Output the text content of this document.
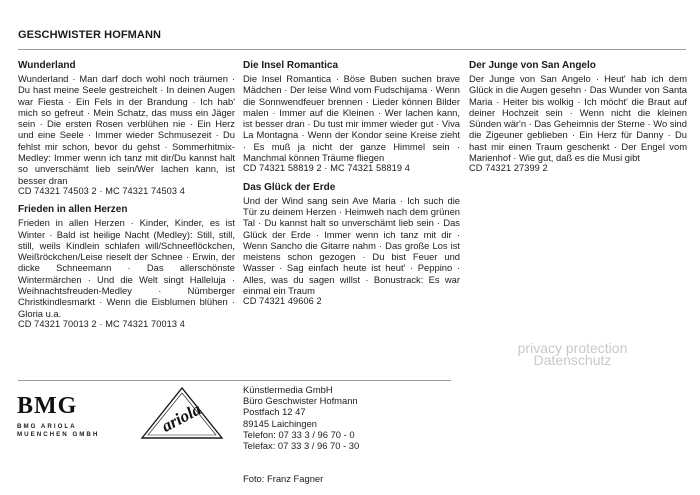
GESCHWISTER HOFMANN
Wunderland
Wunderland · Man darf doch wohl noch träumen · Du hast meine Seele gestreichelt · In deinen Augen war Fiesta · Ein Fels in der Brandung · Ich hab' mich so gefreut · Mein Schatz, das muss ein Jäger sein · Die ersten Rosen verblühen nie · Ein Herz und eine Seele · Immer wieder Schmusezeit · Du fehlst mir schon, bevor du gehst · Sommerhitmix-Medley: Immer wenn ich tanz mit dir/Du kannst halt so unverschämt lieb sein/Wer lachen kann, ist besser dran
CD 74321 74503 2 · MC 74321 74503 4
Frieden in allen Herzen
Frieden in allen Herzen · Kinder, Kinder, es ist Winter · Bald ist heilige Nacht (Medley): Still, still, still, weils Kindlein schlafen will/Schneeflöckchen, Weißröckchen/Leise rieselt der Schnee · Erwin, der dicke Schneemann · Das allerschönste Wintermärchen · Und die Welt singt Halleluja · Weihnachtsfreuden-Medley · Nürnberger Christkindlesmarkt · Wenn die Eisblumen blühen · Gloria u.a.
CD 74321 70013 2 · MC 74321 70013 4
Die Insel Romantica
Die Insel Romantica · Böse Buben suchen brave Mädchen · Der leise Wind vom Fudschijama · Wenn die Sonnwendfeuer brennen · Lieder können Bilder malen · Immer auf die Kleinen · Wer lachen kann, ist besser dran · Du tust mir immer wieder gut · Viva La Montagna · Wenn der Kondor seine Kreise zieht · Es muß ja nicht der ganze Himmel sein · Manchmal können Träume fliegen
CD 74321 58819 2 · MC 74321 58819 4
Das Glück der Erde
Und der Wind sang sein Ave Maria · Ich such die Tür zu deinem Herzen · Heimweh nach dem grünen Tal · Du kannst halt so unverschämt lieb sein · Das Glück der Erde · Immer wenn ich tanz mit dir · Wenn Sancho die Gitarre nahm · Das große Los ist meistens schon gezogen · Du bist Feuer und Wasser · Sag einfach heute ist heut' · Peppino · Alles, was du sagen willst · Bonustrack: Es war einmal ein Traum
CD 74321 49606 2
Der Junge von San Angelo
Der Junge von San Angelo · Heut' hab ich dem Glück in die Augen gesehn · Das Wunder von Santa Maria · Heiter bis wolkig · Ich möcht' die Braut auf deiner Hochzeit sein · Wenn nicht die kleinen Sünden wär'n · Das Geheimnis der Sterne · Wo sind die Zigeuner geblieben · Ein Herz für Danny · Du hast mir einen Traum geschenkt · Der Engel vom Marienhof · Wie gut, daß es die Musi gibt
CD 74321 27399 2
BMG
BMG ARIOLA
MUENCHEN GMBH	ariola
Künstlermedia GmbH
Büro Geschwister Hofmann
Postfach 12 47
89145 Laichingen
Telefon: 07 33 3 / 96 70 - 0
Telefax: 07 33 3 / 96 70 - 30
Foto: Franz Fagner
privacy protection
Datenschutz
